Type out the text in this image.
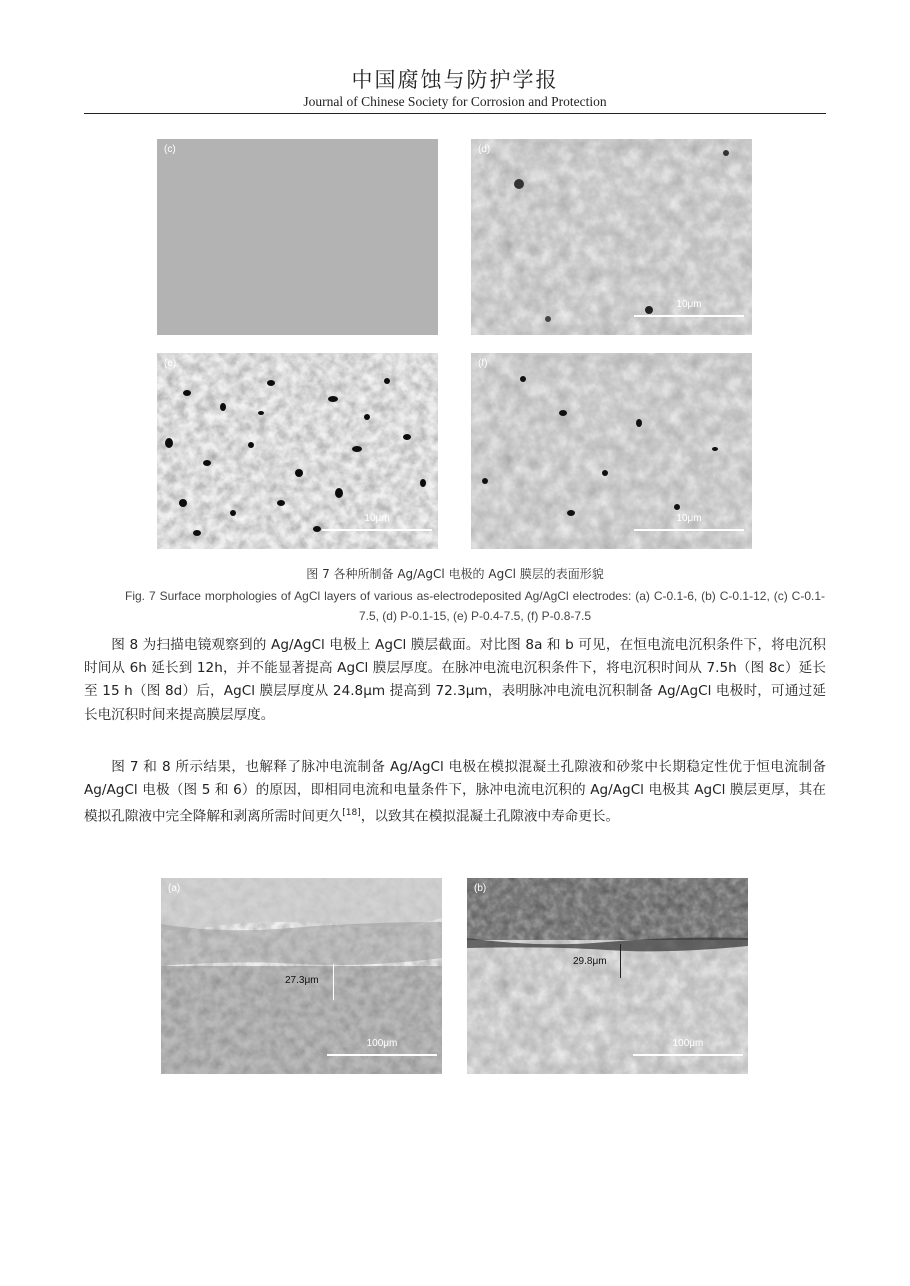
中国腐蚀与防护学报
Journal of Chinese Society for Corrosion and Protection
(c)	(d)
10μm
(e)
10μm
(f)
10μm
图 7 各种所制备 Ag/AgCl 电极的 AgCl 膜层的表面形貌
Fig. 7 Surface morphologies of AgCl layers of various as-electrodeposited Ag/AgCl electrodes: (a) C-0.1-6, (b) C-0.1-12, (c) C-0.1-7.5, (d) P-0.1-15, (e) P-0.4-7.5, (f) P-0.8-7.5

图 8 为扫描电镜观察到的 Ag/AgCl 电极上 AgCl 膜层截面。对比图 8a 和 b 可见，在恒电流电沉积条件下，将电沉积时间从 6h 延长到 12h，并不能显著提高 AgCl 膜层厚度。在脉冲电流电沉积条件下，将电沉积时间从 7.5h（图 8c）延长至 15 h（图 8d）后，AgCl 膜层厚度从 24.8μm 提高到 72.3μm，表明脉冲电流电沉积制备 Ag/AgCl 电极时，可通过延长电沉积时间来提高膜层厚度。

图 7 和 8 所示结果，也解释了脉冲电流制备 Ag/AgCl 电极在模拟混凝土孔隙液和砂浆中长期稳定性优于恒电流制备 Ag/AgCl 电极（图 5 和 6）的原因，即相同电流和电量条件下，脉冲电流电沉积的 Ag/AgCl 电极其 AgCl 膜层更厚，其在模拟孔隙液中完全降解和剥离所需时间更久[18]，以致其在模拟混凝土孔隙液中寿命更长。

(a)
27.3μm
100μm
(b)
29.8μm
100μm
